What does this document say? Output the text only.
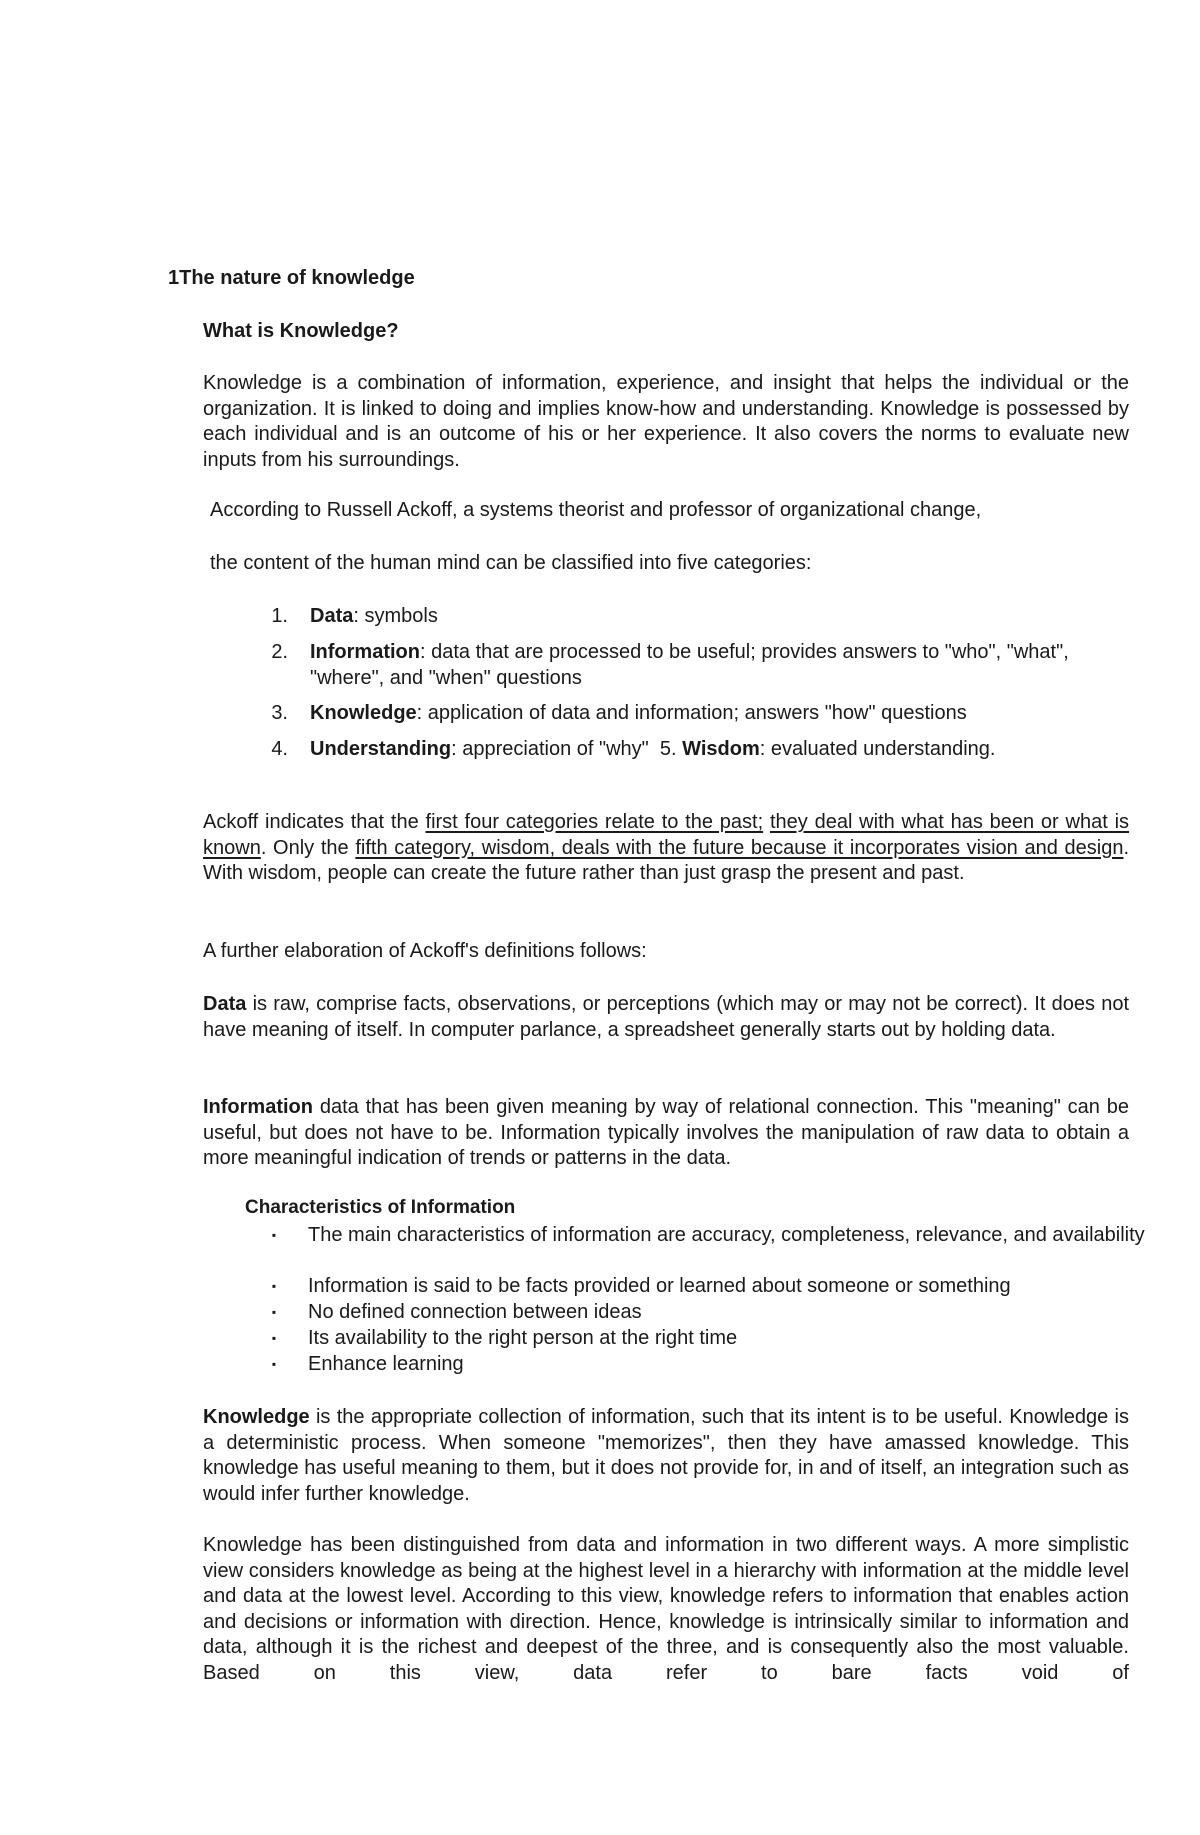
1The nature of knowledge
What is Knowledge?
Knowledge is a combination of information, experience, and insight that helps the individual or the organization. It is linked to doing and implies know-how and understanding. Knowledge is possessed by each individual and is an outcome of his or her experience. It also covers the norms to evaluate new inputs from his surroundings.
According to Russell Ackoff, a systems theorist and professor of organizational change,
the content of the human mind can be classified into five categories:
1. Data: symbols
2. Information: data that are processed to be useful; provides answers to "who", "what",
"where", and "when" questions
3. Knowledge: application of data and information; answers "how" questions
4. Understanding: appreciation of "why"  5. Wisdom: evaluated understanding.
Ackoff indicates that the first four categories relate to the past; they deal with what has been or what is known. Only the fifth category, wisdom, deals with the future because it incorporates vision and design. With wisdom, people can create the future rather than just grasp the present and past.
A further elaboration of Ackoff's definitions follows:
Data is raw, comprise facts, observations, or perceptions (which may or may not be correct). It does not have meaning of itself. In computer parlance, a spreadsheet generally starts out by holding data.
Information data that has been given meaning by way of relational connection. This "meaning" can be useful, but does not have to be. Information typically involves the manipulation of raw data to obtain a more meaningful indication of trends or patterns in the data.
Characteristics of Information
▪ The main characteristics of information are accuracy, completeness, relevance, and availability
▪ Information is said to be facts provided or learned about someone or something
▪ No defined connection between ideas
▪ Its availability to the right person at the right time
▪ Enhance learning
Knowledge is the appropriate collection of information, such that its intent is to be useful. Knowledge is a deterministic process. When someone "memorizes", then they have amassed knowledge. This knowledge has useful meaning to them, but it does not provide for, in and of itself, an integration such as would infer further knowledge.
Knowledge has been distinguished from data and information in two different ways. A more simplistic view considers knowledge as being at the highest level in a hierarchy with information at the middle level and data at the lowest level. According to this view, knowledge refers to information that enables action and decisions or information with direction. Hence, knowledge is intrinsically similar to information and data, although it is the richest and deepest of the three, and is consequently also the most valuable. Based on this view, data refer to bare facts void of
